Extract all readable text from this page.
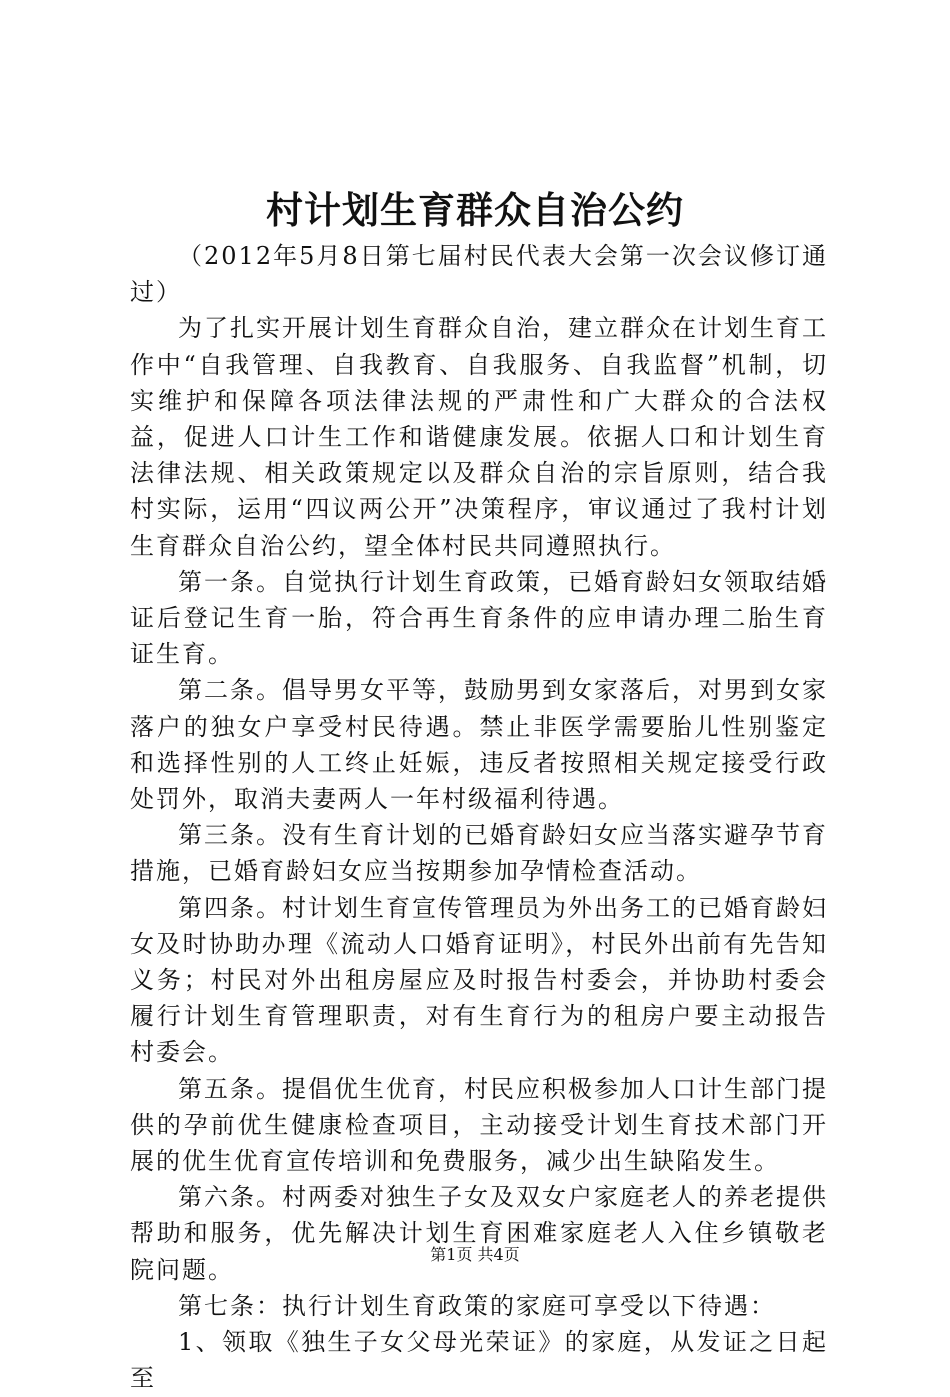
村计划生育群众自治公约

（2012年5月8日第七届村民代表大会第一次会议修订通过）

为了扎实开展计划生育群众自治，建立群众在计划生育工作中“自我管理、自我教育、自我服务、自我监督”机制，切实维护和保障各项法律法规的严肃性和广大群众的合法权益，促进人口计生工作和谐健康发展。依据人口和计划生育法律法规、相关政策规定以及群众自治的宗旨原则，结合我村实际，运用“四议两公开”决策程序，审议通过了我村计划生育群众自治公约，望全体村民共同遵照执行。

第一条。自觉执行计划生育政策，已婚育龄妇女领取结婚证后登记生育一胎，符合再生育条件的应申请办理二胎生育证生育。

第二条。倡导男女平等，鼓励男到女家落后，对男到女家落户的独女户享受村民待遇。禁止非医学需要胎儿性别鉴定和选择性别的人工终止妊娠，违反者按照相关规定接受行政处罚外，取消夫妻两人一年村级福利待遇。

第三条。没有生育计划的已婚育龄妇女应当落实避孕节育措施，已婚育龄妇女应当按期参加孕情检查活动。

第四条。村计划生育宣传管理员为外出务工的已婚育龄妇女及时协助办理《流动人口婚育证明》，村民外出前有先告知义务；村民对外出租房屋应及时报告村委会，并协助村委会履行计划生育管理职责，对有生育行为的租房户要主动报告村委会。

第五条。提倡优生优育，村民应积极参加人口计生部门提供的孕前优生健康检查项目，主动接受计划生育技术部门开展的优生优育宣传培训和免费服务，减少出生缺陷发生。

第六条。村两委对独生子女及双女户家庭老人的养老提供帮助和服务，优先解决计划生育困难家庭老人入住乡镇敬老院问题。

第七条：执行计划生育政策的家庭可享受以下待遇：

1、领取《独生子女父母光荣证》的家庭，从发证之日起至

第1页 共4页
